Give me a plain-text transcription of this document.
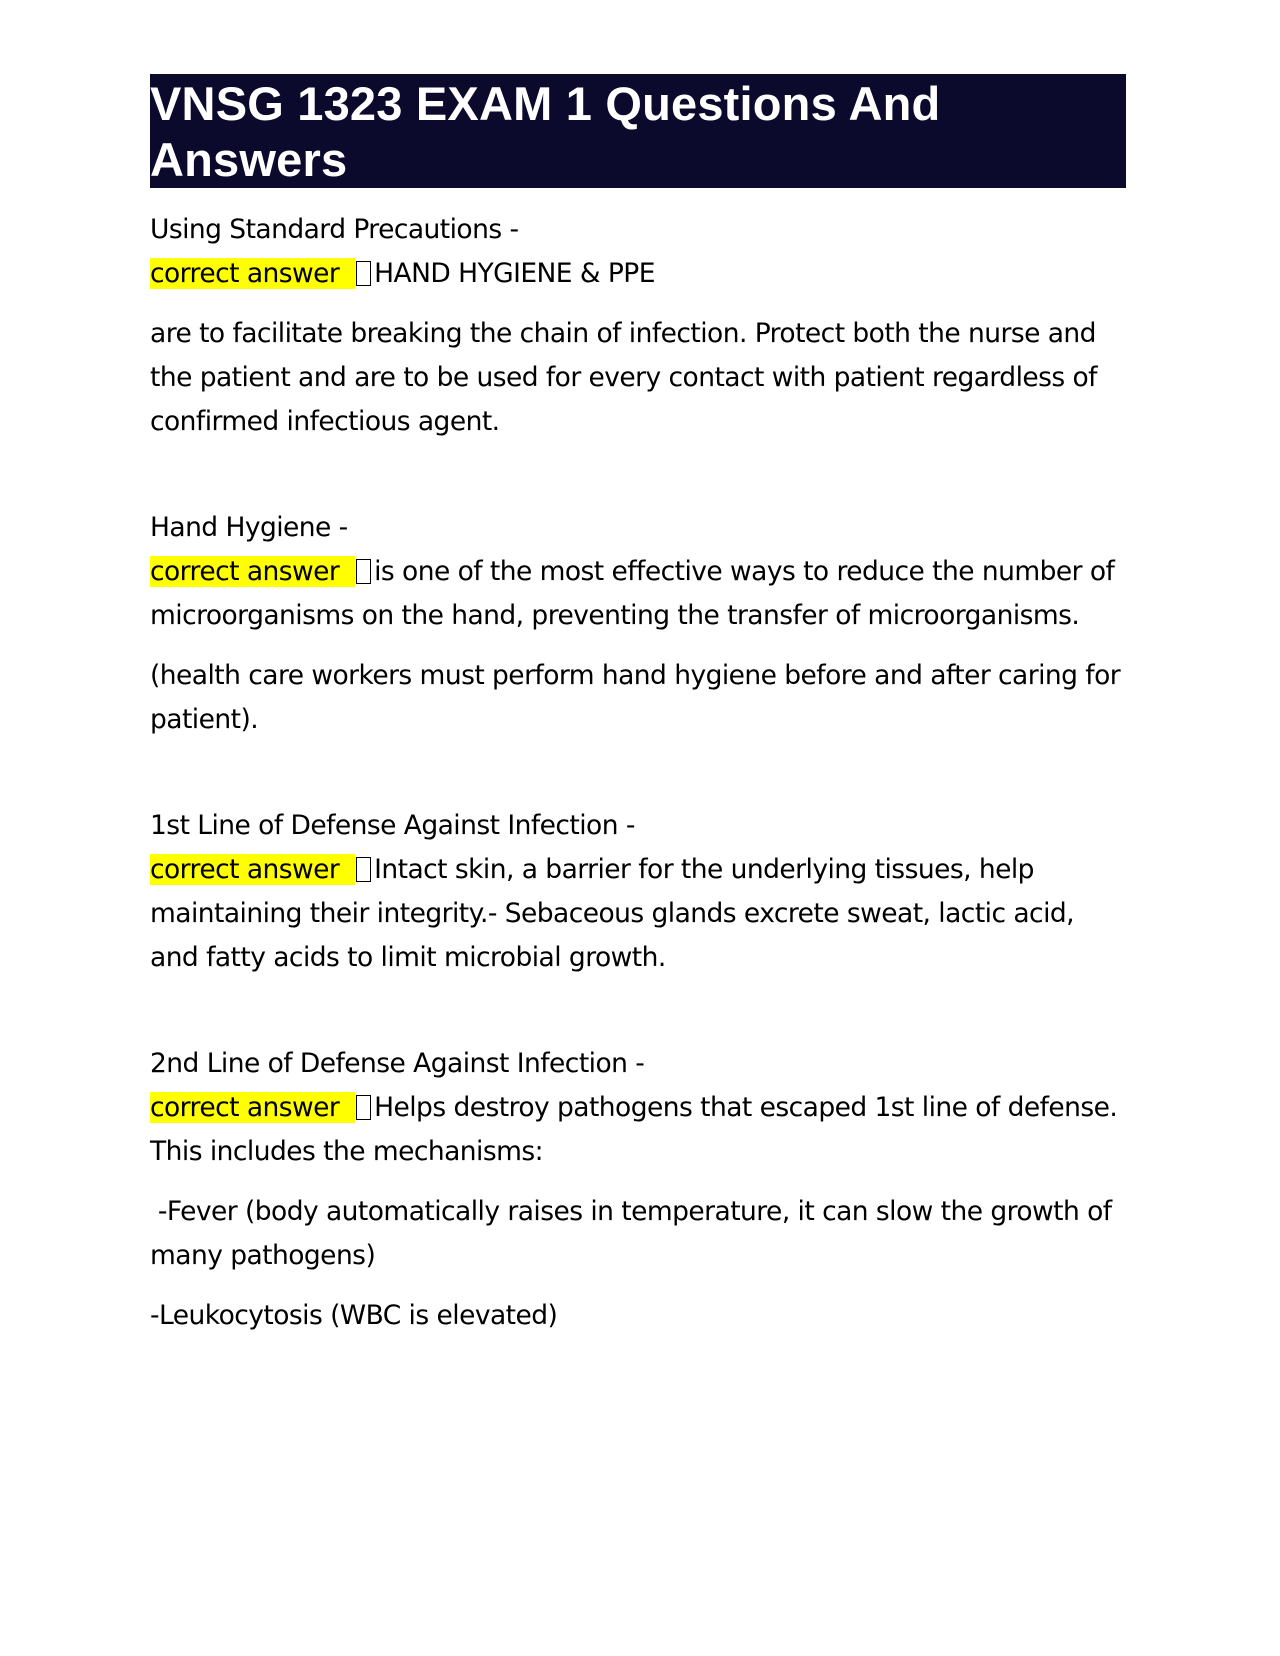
VNSG 1323 EXAM 1 Questions And Answers
Using Standard Precautions -
correct answer HAND HYGIENE & PPE
are to facilitate breaking the chain of infection. Protect both the nurse and the patient and are to be used for every contact with patient regardless of confirmed infectious agent.
Hand Hygiene -
correct answer is one of the most effective ways to reduce the number of microorganisms on the hand, preventing the transfer of microorganisms.
(health care workers must perform hand hygiene before and after caring for patient).
1st Line of Defense Against Infection -
correct answer Intact skin, a barrier for the underlying tissues, help maintaining their integrity.- Sebaceous glands excrete sweat, lactic acid, and fatty acids to limit microbial growth.
2nd Line of Defense Against Infection -
correct answer Helps destroy pathogens that escaped 1st line of defense. This includes the mechanisms:
-Fever (body automatically raises in temperature, it can slow the growth of many pathogens)
-Leukocytosis (WBC is elevated)
